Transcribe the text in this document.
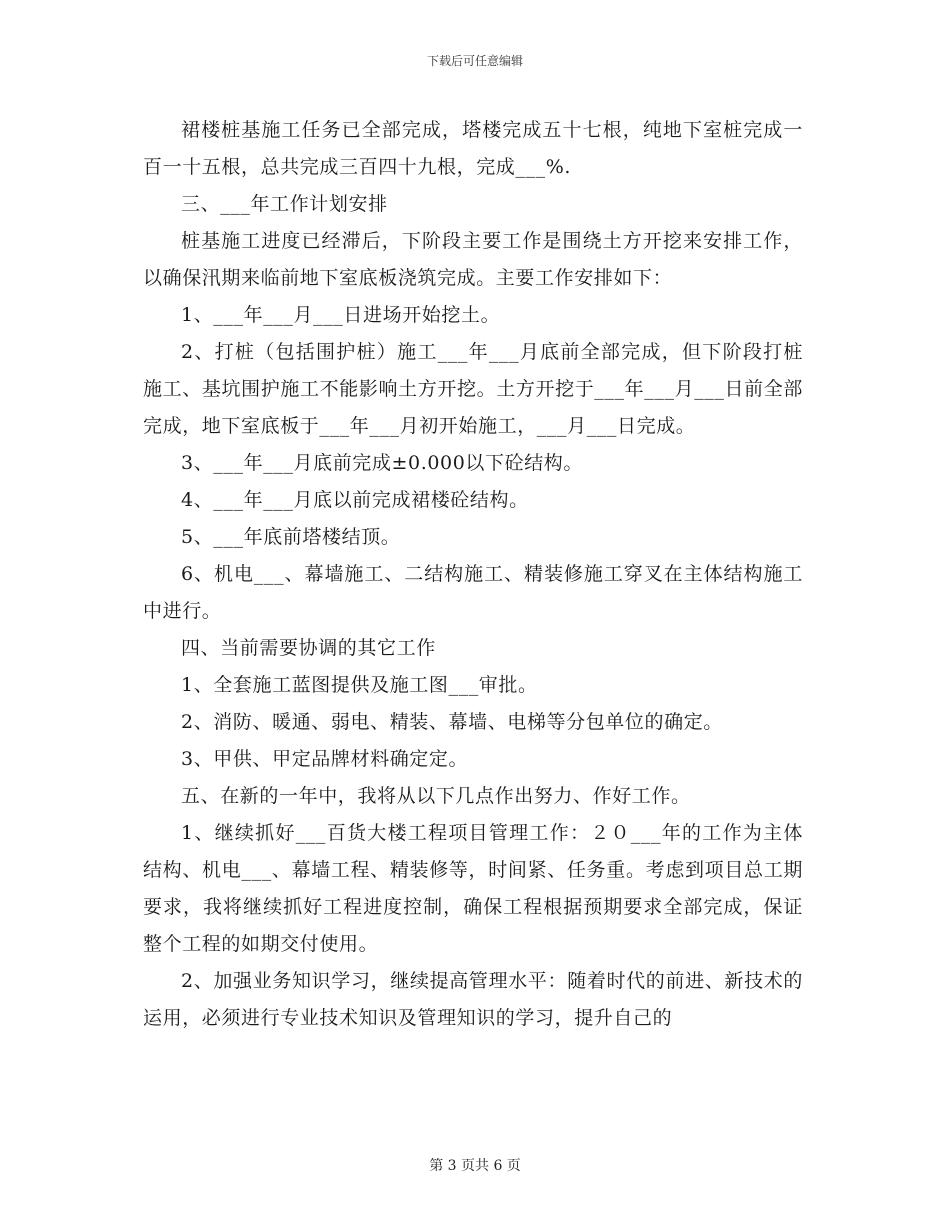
下载后可任意编辑

裙楼桩基施工任务已全部完成，塔楼完成五十七根，纯地下室桩完成一百一十五根，总共完成三百四十九根，完成___%.

三、___年工作计划安排

桩基施工进度已经滞后，下阶段主要工作是围绕土方开挖来安排工作，以确保汛期来临前地下室底板浇筑完成。主要工作安排如下：

1、___年___月___日进场开始挖土。

2、打桩（包括围护桩）施工___年___月底前全部完成，但下阶段打桩施工、基坑围护施工不能影响土方开挖。土方开挖于___年___月___日前全部完成，地下室底板于___年___月初开始施工，___月___日完成。

3、___年___月底前完成±0.000以下砼结构。

4、___年___月底以前完成裙楼砼结构。

5、___年底前塔楼结顶。

6、机电___、幕墙施工、二结构施工、精装修施工穿叉在主体结构施工中进行。

四、当前需要协调的其它工作

1、全套施工蓝图提供及施工图___审批。

2、消防、暖通、弱电、精装、幕墙、电梯等分包单位的确定。

3、甲供、甲定品牌材料确定定。

五、在新的一年中，我将从以下几点作出努力、作好工作。

1、继续抓好___百货大楼工程项目管理工作：２０___年的工作为主体结构、机电___、幕墙工程、精装修等，时间紧、任务重。考虑到项目总工期要求，我将继续抓好工程进度控制，确保工程根据预期要求全部完成，保证整个工程的如期交付使用。

2、加强业务知识学习，继续提高管理水平：随着时代的前进、新技术的运用，必须进行专业技术知识及管理知识的学习，提升自己的

第 3 页共 6 页
